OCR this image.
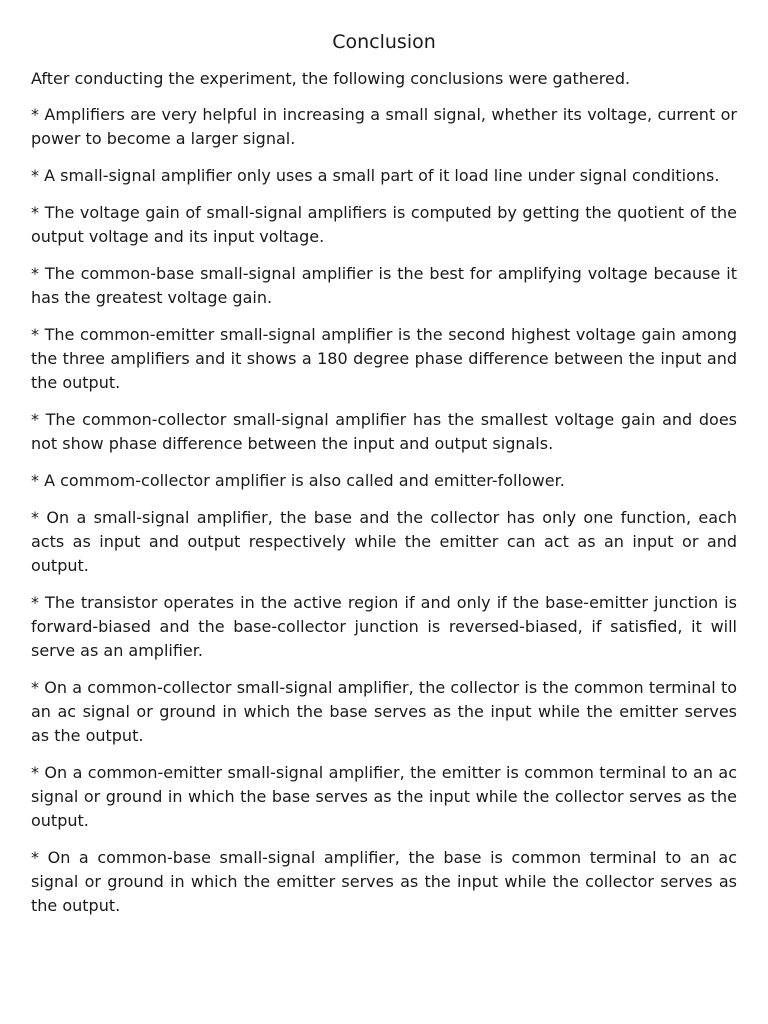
Conclusion

After conducting the experiment, the following conclusions were gathered.

* Amplifiers are very helpful in increasing a small signal, whether its voltage, current or power to become a larger signal.

* A small-signal amplifier only uses a small part of it load line under signal conditions.

* The voltage gain of small-signal amplifiers is computed by getting the quotient of the output voltage and its input voltage.

* The common-base small-signal amplifier is the best for amplifying voltage because it has the greatest voltage gain.

* The common-emitter small-signal amplifier is the second highest voltage gain among the three amplifiers and it shows a 180 degree phase difference between the input and the output.

* The common-collector small-signal amplifier has the smallest voltage gain and does not show phase difference between the input and output signals.

* A commom-collector amplifier is also called and emitter-follower.

* On a small-signal amplifier, the base and the collector has only one function, each acts as input and output respectively while the emitter can act as an input or and output.

* The transistor operates in the active region if and only if the base-emitter junction is forward-biased and the base-collector junction is reversed-biased, if satisfied, it will serve as an amplifier.

* On a common-collector small-signal amplifier, the collector is the common terminal to an ac signal or ground in which the base serves as the input while the emitter serves as the output.

* On a common-emitter small-signal amplifier, the emitter is common terminal to an ac signal or ground in which the base serves as the input while the collector serves as the output.

* On a common-base small-signal amplifier, the base is common terminal to an ac signal or ground in which the emitter serves as the input while the collector serves as the output.
